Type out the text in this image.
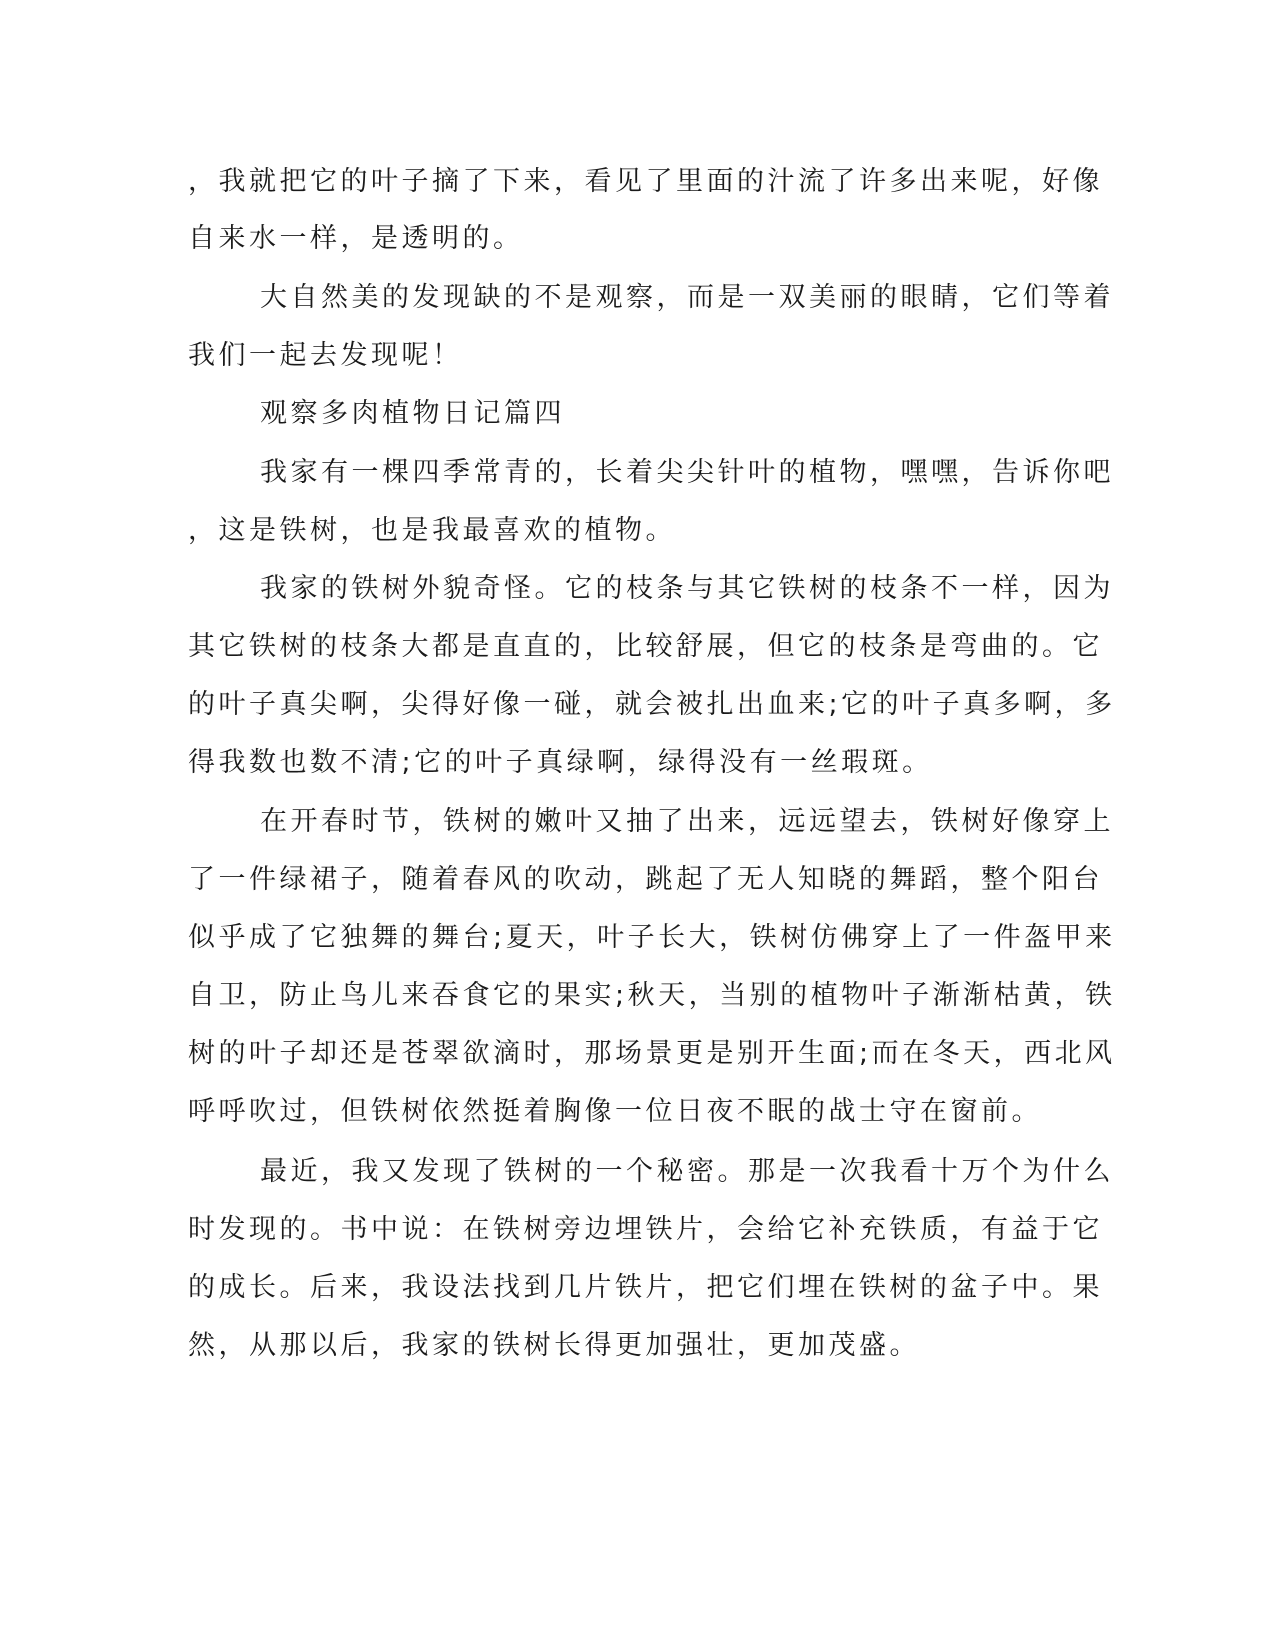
，我就把它的叶子摘了下来，看见了里面的汁流了许多出来呢，好像

自来水一样，是透明的。

大自然美的发现缺的不是观察，而是一双美丽的眼睛，它们等着

我们一起去发现呢！

观察多肉植物日记篇四

我家有一棵四季常青的，长着尖尖针叶的植物，嘿嘿，告诉你吧

，这是铁树，也是我最喜欢的植物。

我家的铁树外貌奇怪。它的枝条与其它铁树的枝条不一样，因为

其它铁树的枝条大都是直直的，比较舒展，但它的枝条是弯曲的。它

的叶子真尖啊，尖得好像一碰，就会被扎出血来;它的叶子真多啊，多

得我数也数不清;它的叶子真绿啊，绿得没有一丝瑕斑。

在开春时节，铁树的嫩叶又抽了出来，远远望去，铁树好像穿上

了一件绿裙子，随着春风的吹动，跳起了无人知晓的舞蹈，整个阳台

似乎成了它独舞的舞台;夏天，叶子长大，铁树仿佛穿上了一件盔甲来

自卫，防止鸟儿来吞食它的果实;秋天，当别的植物叶子渐渐枯黄，铁

树的叶子却还是苍翠欲滴时，那场景更是别开生面;而在冬天，西北风

呼呼吹过，但铁树依然挺着胸像一位日夜不眠的战士守在窗前。

最近，我又发现了铁树的一个秘密。那是一次我看十万个为什么

时发现的。书中说：在铁树旁边埋铁片，会给它补充铁质，有益于它

的成长。后来，我设法找到几片铁片，把它们埋在铁树的盆子中。果

然，从那以后，我家的铁树长得更加强壮，更加茂盛。
